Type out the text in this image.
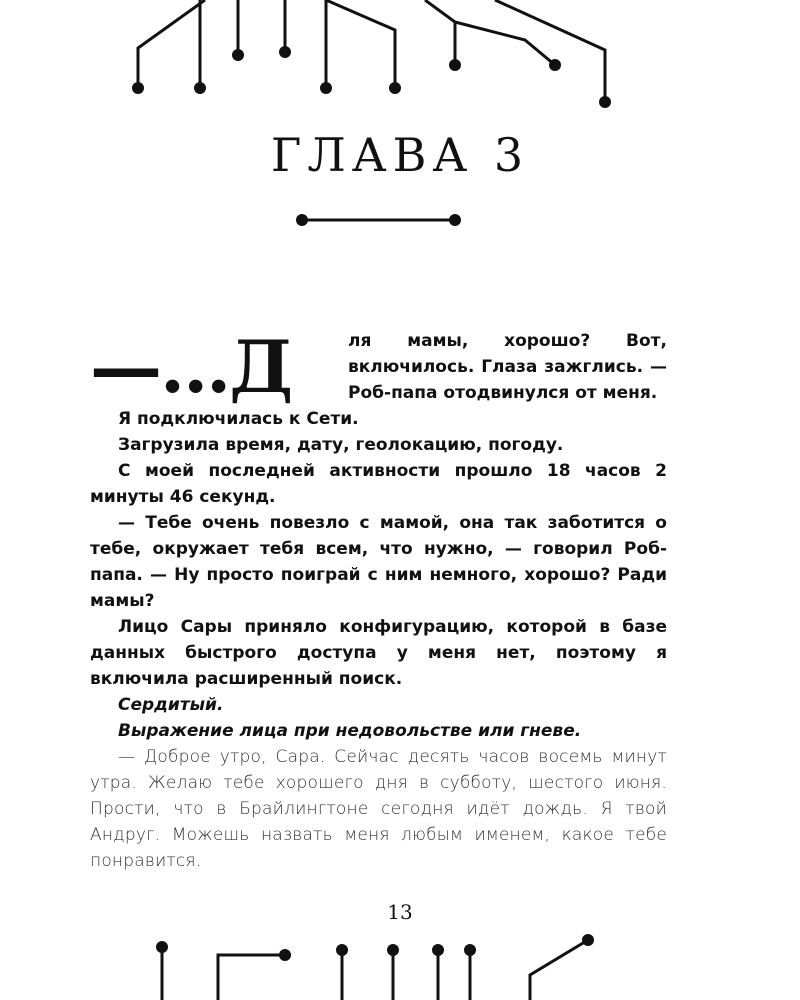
ГЛАВА 3
—...Д	ля мамы, хорошо? Вот, включилось. Глаза зажглись. — Роб-папа отодвинулся от меня.

Я подключилась к Сети.

Загрузила время, дату, геолокацию, погоду.

С моей последней активности прошло 18 часов 2 минуты 46 секунд.

— Тебе очень повезло с мамой, она так заботится о тебе, окружает тебя всем, что нужно, — говорил Роб-папа. — Ну просто поиграй с ним немного, хорошо? Ради мамы?

Лицо Сары приняло конфигурацию, которой в базе данных быстрого доступа у меня нет, поэтому я включила расширенный поиск.

Сердитый.

Выражение лица при недовольстве или гневе.

— Доброе утро, Сара. Сейчас десять часов восемь минут утра. Желаю тебе хорошего дня в субботу, шестого июня. Прости, что в Брайлингтоне сегодня идёт дождь. Я твой Андруг. Можешь назвать меня любым именем, какое тебе понравится.

13
